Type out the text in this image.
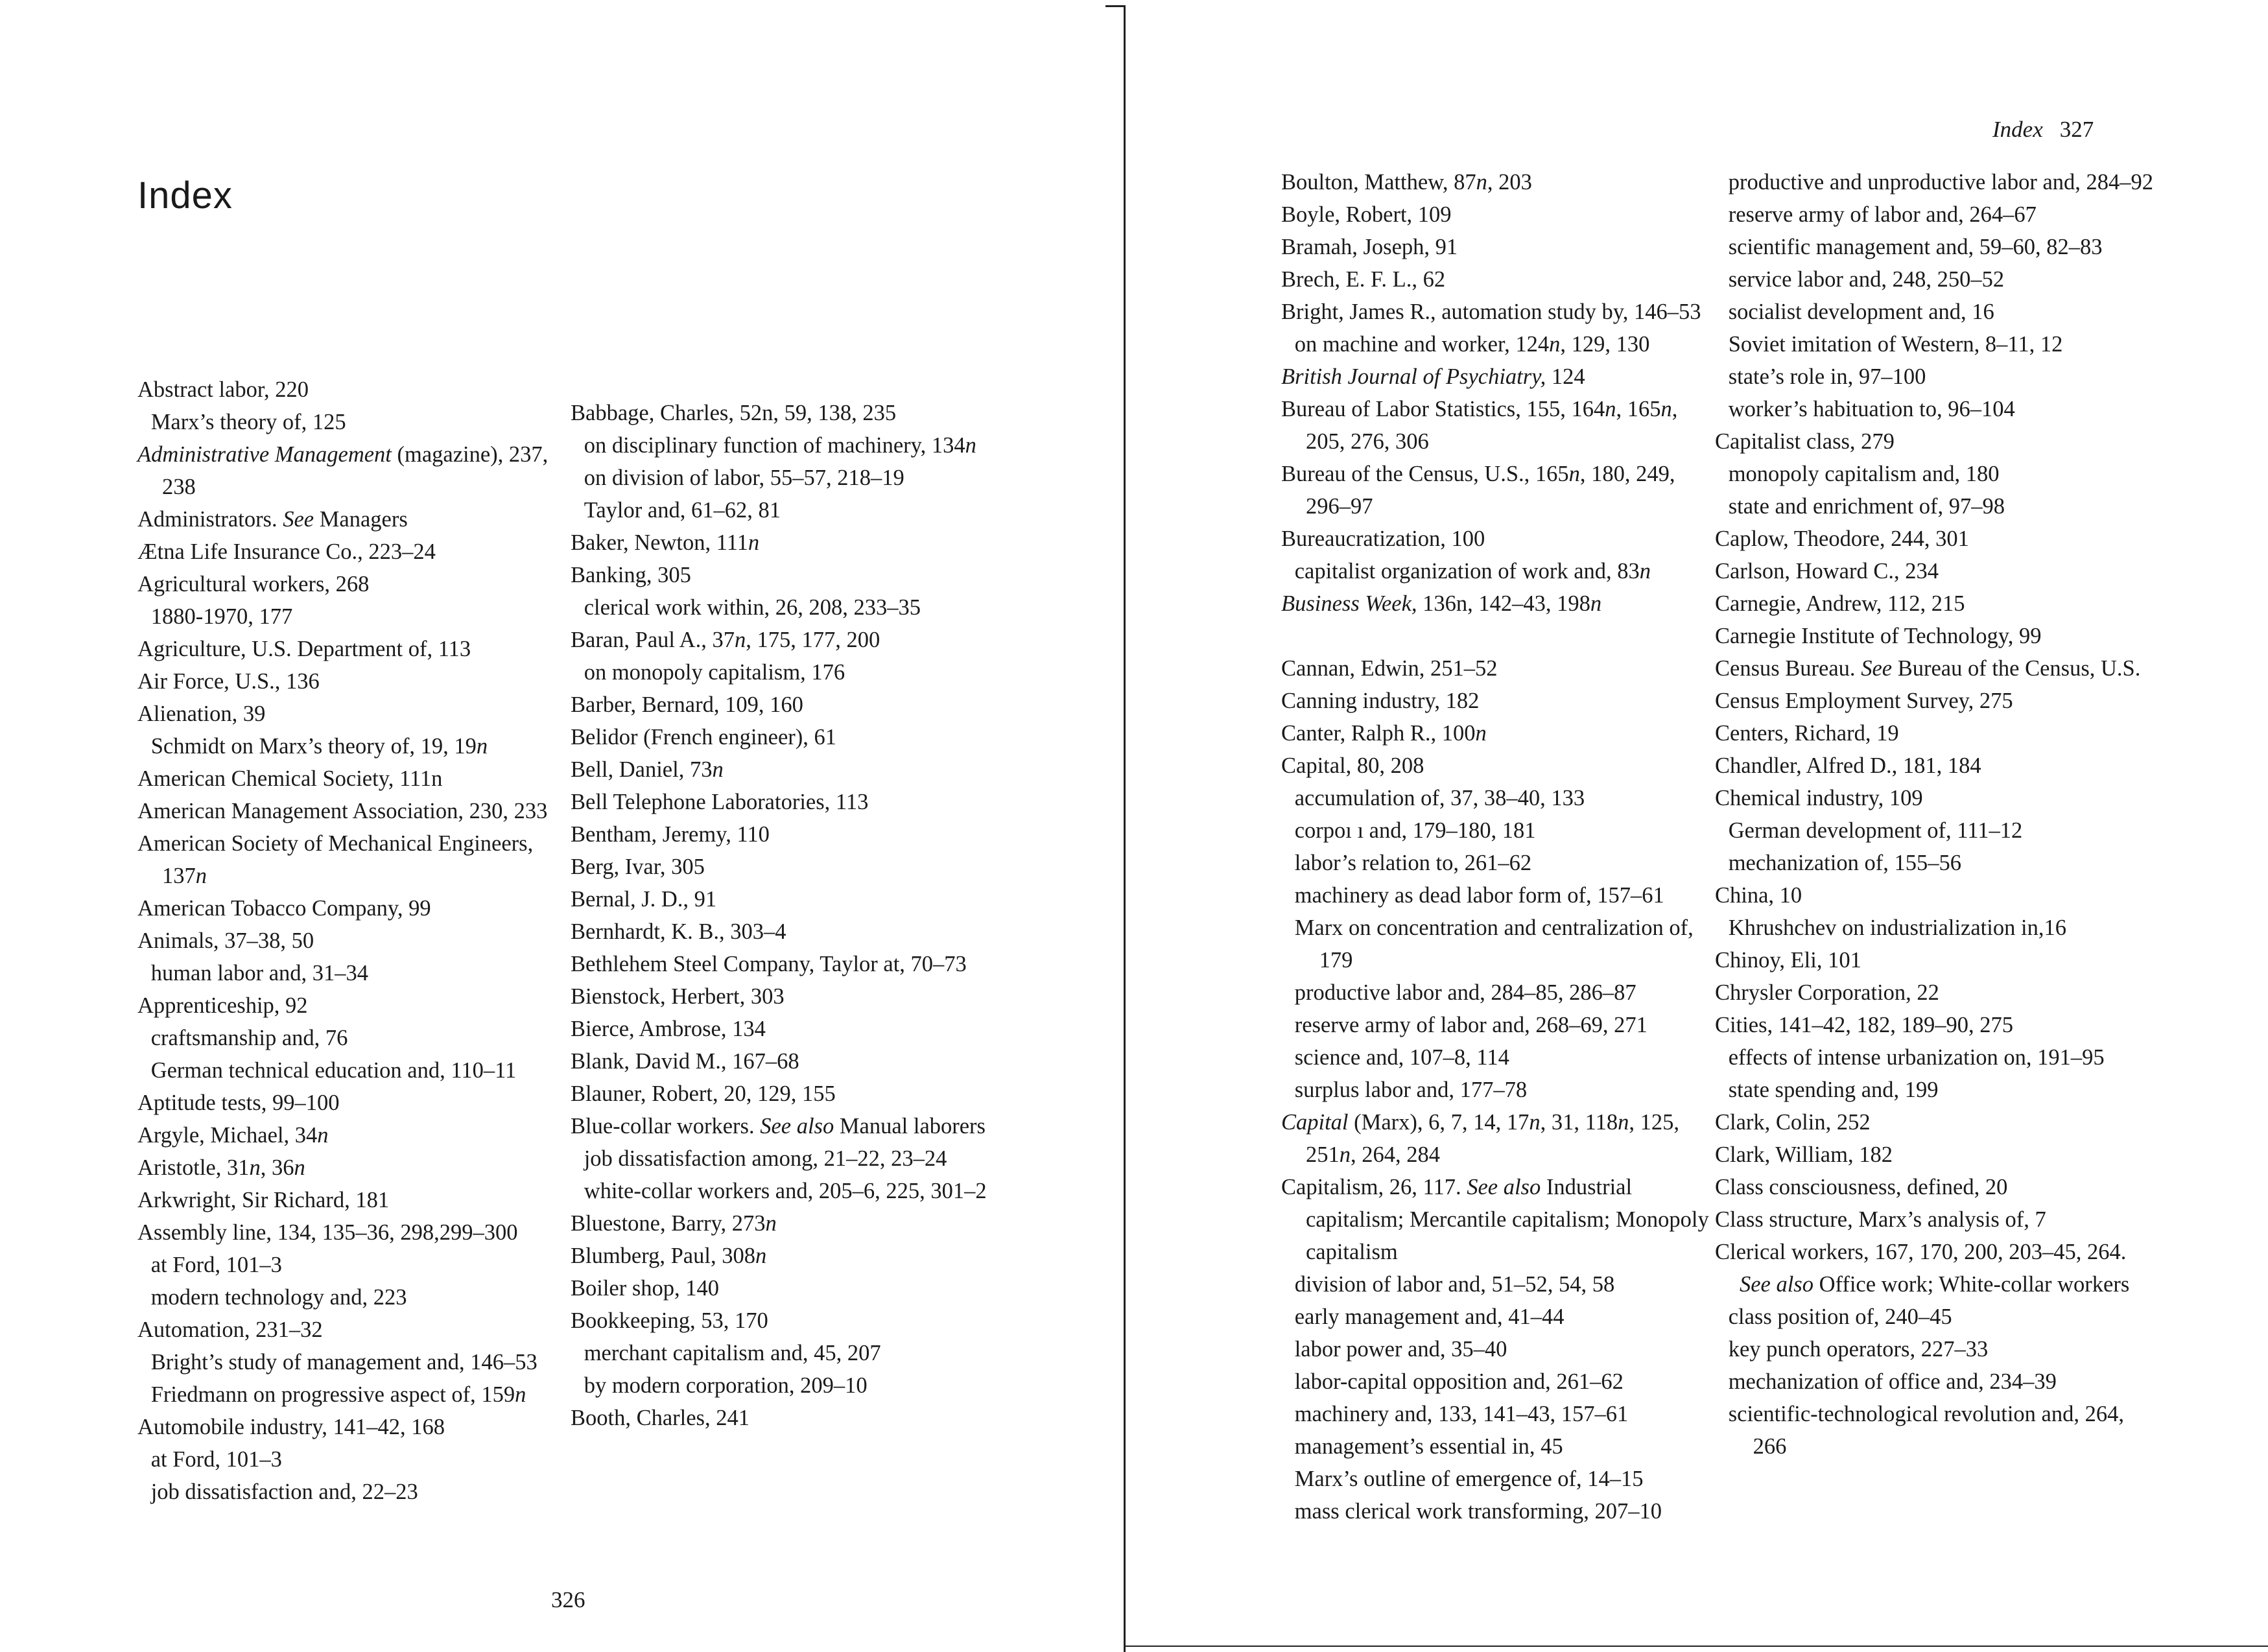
Index
Abstract labor, 220
Marx’s theory of, 125
Administrative Management (magazine), 237, 238
Administrators. See Managers
Ætna Life Insurance Co., 223–24
Agricultural workers, 268
1880-1970, 177
Agriculture, U.S. Department of, 113
Air Force, U.S., 136
Alienation, 39
Schmidt on Marx’s theory of, 19, 19n
American Chemical Society, 111n
American Management Association, 230, 233
American Society of Mechanical Engineers, 137n
American Tobacco Company, 99
Animals, 37–38, 50
human labor and, 31–34
Apprenticeship, 92
craftsmanship and, 76
German technical education and, 110–11
Aptitude tests, 99–100
Argyle, Michael, 34n
Aristotle, 31n, 36n
Arkwright, Sir Richard, 181
Assembly line, 134, 135–36, 298,299–300
at Ford, 101–3
modern technology and, 223
Automation, 231–32
Bright’s study of management and, 146–53
Friedmann on progressive aspect of, 159n
Automobile industry, 141–42, 168
at Ford, 101–3
job dissatisfaction and, 22–23
Babbage, Charles, 52n, 59, 138, 235
on disciplinary function of machinery, 134n
on division of labor, 55–57, 218–19
Taylor and, 61–62, 81
Baker, Newton, 111n
Banking, 305
clerical work within, 26, 208, 233–35
Baran, Paul A., 37n, 175, 177, 200
on monopoly capitalism, 176
Barber, Bernard, 109, 160
Belidor (French engineer), 61
Bell, Daniel, 73n
Bell Telephone Laboratories, 113
Bentham, Jeremy, 110
Berg, Ivar, 305
Bernal, J. D., 91
Bernhardt, K. B., 303–4
Bethlehem Steel Company, Taylor at, 70–73
Bienstock, Herbert, 303
Bierce, Ambrose, 134
Blank, David M., 167–68
Blauner, Robert, 20, 129, 155
Blue-collar workers. See also Manual laborers
job dissatisfaction among, 21–22, 23–24
white-collar workers and, 205–6, 225, 301–2
Bluestone, Barry, 273n
Blumberg, Paul, 308n
Boiler shop, 140
Bookkeeping, 53, 170
merchant capitalism and, 45, 207
by modern corporation, 209–10
Booth, Charles, 241
326
Index 327
Boulton, Matthew, 87n, 203
Boyle, Robert, 109
Bramah, Joseph, 91
Brech, E. F. L., 62
Bright, James R., automation study by, 146–53
on machine and worker, 124n, 129, 130
British Journal of Psychiatry, 124
Bureau of Labor Statistics, 155, 164n, 165n, 205, 276, 306
Bureau of the Census, U.S., 165n, 180, 249, 296–97
Bureaucratization, 100
capitalist organization of work and, 83n
Business Week, 136n, 142–43, 198n
Cannan, Edwin, 251–52
Canning industry, 182
Canter, Ralph R., 100n
Capital, 80, 208
accumulation of, 37, 38–40, 133
corpoı ı and, 179–180, 181
labor’s relation to, 261–62
machinery as dead labor form of, 157–61
Marx on concentration and centralization of, 179
productive labor and, 284–85, 286–87
reserve army of labor and, 268–69, 271
science and, 107–8, 114
surplus labor and, 177–78
Capital (Marx), 6, 7, 14, 17n, 31, 118n, 125, 251n, 264, 284
Capitalism, 26, 117. See also Industrial capitalism; Mercantile capitalism; Monopoly capitalism
division of labor and, 51–52, 54, 58
early management and, 41–44
labor power and, 35–40
labor-capital opposition and, 261–62
machinery and, 133, 141–43, 157–61
management’s essential in, 45
Marx’s outline of emergence of, 14–15
mass clerical work transforming, 207–10
productive and unproductive labor and, 284–92
reserve army of labor and, 264–67
scientific management and, 59–60, 82–83
service labor and, 248, 250–52
socialist development and, 16
Soviet imitation of Western, 8–11, 12
state’s role in, 97–100
worker’s habituation to, 96–104
Capitalist class, 279
monopoly capitalism and, 180
state and enrichment of, 97–98
Caplow, Theodore, 244, 301
Carlson, Howard C., 234
Carnegie, Andrew, 112, 215
Carnegie Institute of Technology, 99
Census Bureau. See Bureau of the Census, U.S.
Census Employment Survey, 275
Centers, Richard, 19
Chandler, Alfred D., 181, 184
Chemical industry, 109
German development of, 111–12
mechanization of, 155–56
China, 10
Khrushchev on industrialization in,16
Chinoy, Eli, 101
Chrysler Corporation, 22
Cities, 141–42, 182, 189–90, 275
effects of intense urbanization on, 191–95
state spending and, 199
Clark, Colin, 252
Clark, William, 182
Class consciousness, defined, 20
Class structure, Marx’s analysis of, 7
Clerical workers, 167, 170, 200, 203–45, 264. See also Office work; White-collar workers
class position of, 240–45
key punch operators, 227–33
mechanization of office and, 234–39
scientific-technological revolution and, 264, 266
